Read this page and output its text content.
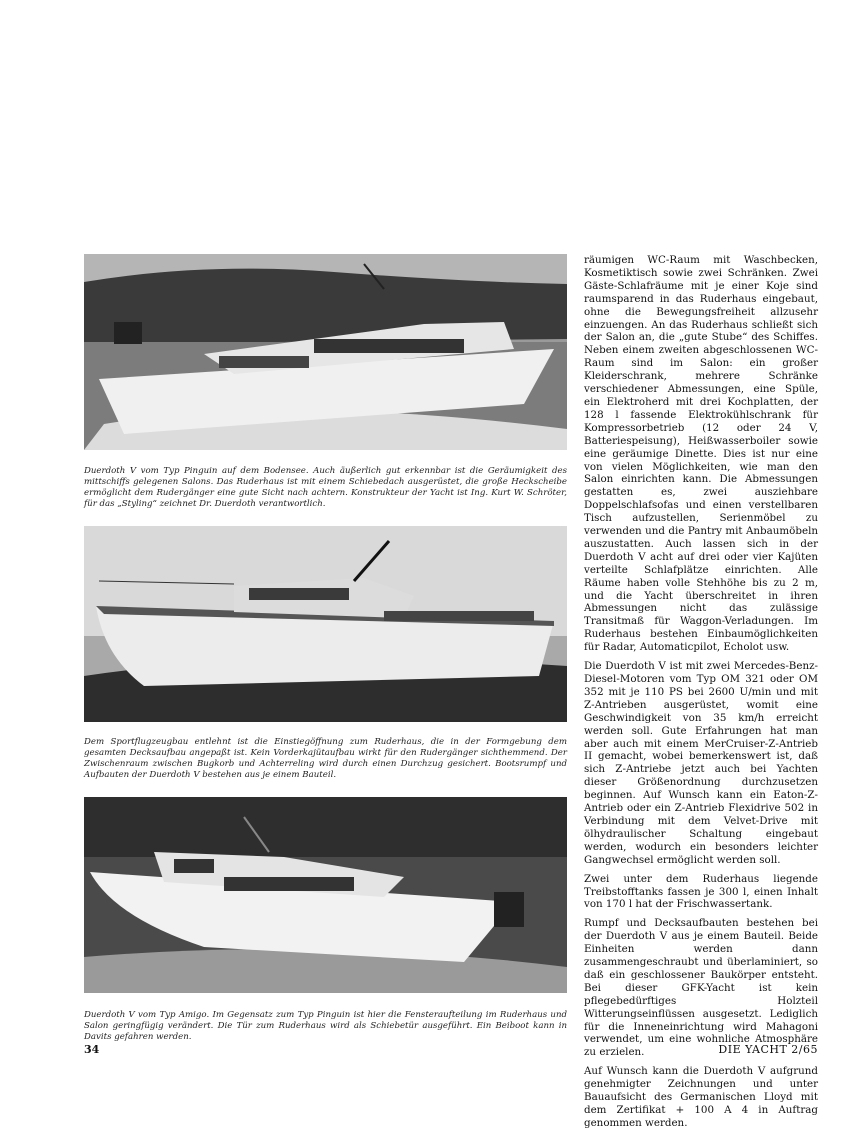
Duerdoth V vom Typ Pinguin auf dem Bodensee. Auch äußerlich gut erkennbar ist die Geräumigkeit des mittschiffs gelegenen Salons. Das Ruderhaus ist mit einem Schiebedach ausgerüstet, die große Heckscheibe ermöglicht dem Rudergänger eine gute Sicht nach achtern. Konstrukteur der Yacht ist Ing. Kurt W. Schröter, für das „Styling“ zeichnet Dr. Duerdoth verantwortlich.

Dem Sportflugzeugbau entlehnt ist die Einstiegöffnung zum Ruderhaus, die in der Formgebung dem gesamten Decksaufbau angepaßt ist. Kein Vorderkajütaufbau wirkt für den Rudergänger sichthemmend. Der Zwischenraum zwischen Bugkorb und Achterreling wird durch einen Durchzug gesichert. Bootsrumpf und Aufbauten der Duerdoth V bestehen aus je einem Bauteil.

Duerdoth V vom Typ Amigo. Im Gegensatz zum Typ Pinguin ist hier die Fensteraufteilung im Ruderhaus und Salon geringfügig verändert. Die Tür zum Ruderhaus wird als Schiebetür ausgeführt. Ein Beiboot kann in Davits gefahren werden.

räumigen WC-Raum mit Waschbecken, Kosmetiktisch sowie zwei Schränken. Zwei Gäste-Schlafräume mit je einer Koje sind raumsparend in das Ruderhaus eingebaut, ohne die Bewegungsfreiheit allzusehr einzuengen. An das Ruderhaus schließt sich der Salon an, die „gute Stube“ des Schiffes. Neben einem zweiten abgeschlossenen WC-Raum sind im Salon: ein großer Kleiderschrank, mehrere Schränke verschiedener Abmessungen, eine Spüle, ein Elektroherd mit drei Kochplatten, der 128 l fassende Elektrokühlschrank für Kompressorbetrieb (12 oder 24 V, Batteriespeisung), Heißwasserboiler sowie eine geräumige Dinette. Dies ist nur eine von vielen Möglichkeiten, wie man den Salon einrichten kann. Die Abmessungen gestatten es, zwei ausziehbare Doppelschlafsofas und einen verstellbaren Tisch aufzustellen, Serienmöbel zu verwenden und die Pantry mit Anbaumöbeln auszustatten. Auch lassen sich in der Duerdoth V acht auf drei oder vier Kajüten verteilte Schlafplätze einrichten. Alle Räume haben volle Stehhöhe bis zu 2 m, und die Yacht überschreitet in ihren Abmessungen nicht das zulässige Transitmaß für Waggon-Verladungen. Im Ruderhaus bestehen Einbaumöglichkeiten für Radar, Automaticpilot, Echolot usw.

Die Duerdoth V ist mit zwei Mercedes-Benz-Diesel-Motoren vom Typ OM 321 oder OM 352 mit je 110 PS bei 2600 U/min und mit Z-Antrieben ausgerüstet, womit eine Geschwindigkeit von 35 km/h erreicht werden soll. Gute Erfahrungen hat man aber auch mit einem MerCruiser-Z-Antrieb II gemacht, wobei bemerkenswert ist, daß sich Z-Antriebe jetzt auch bei Yachten dieser Größenordnung durchzusetzen beginnen. Auf Wunsch kann ein Eaton-Z-Antrieb oder ein Z-Antrieb Flexidrive 502 in Verbindung mit dem Velvet-Drive mit ölhydraulischer Schaltung eingebaut werden, wodurch ein besonders leichter Gangwechsel ermöglicht werden soll.

Zwei unter dem Ruderhaus liegende Treibstofftanks fassen je 300 l, einen Inhalt von 170 l hat der Frischwassertank.

Rumpf und Decksaufbauten bestehen bei der Duerdoth V aus je einem Bauteil. Beide Einheiten werden dann zusammengeschraubt und überlaminiert, so daß ein geschlossener Baukörper entsteht. Bei dieser GFK-Yacht ist kein pflegebedürftiges Holzteil Witterungseinflüssen ausgesetzt. Lediglich für die Inneneinrichtung wird Mahagoni verwendet, um eine wohnliche Atmosphäre zu erzielen.

Auf Wunsch kann die Duerdoth V aufgrund genehmigter Zeichnungen und unter Bauaufsicht des Germanischen Lloyd mit dem Zertifikat + 100 A 4 in Auftrag genommen werden.

34	DIE YACHT 2/65
